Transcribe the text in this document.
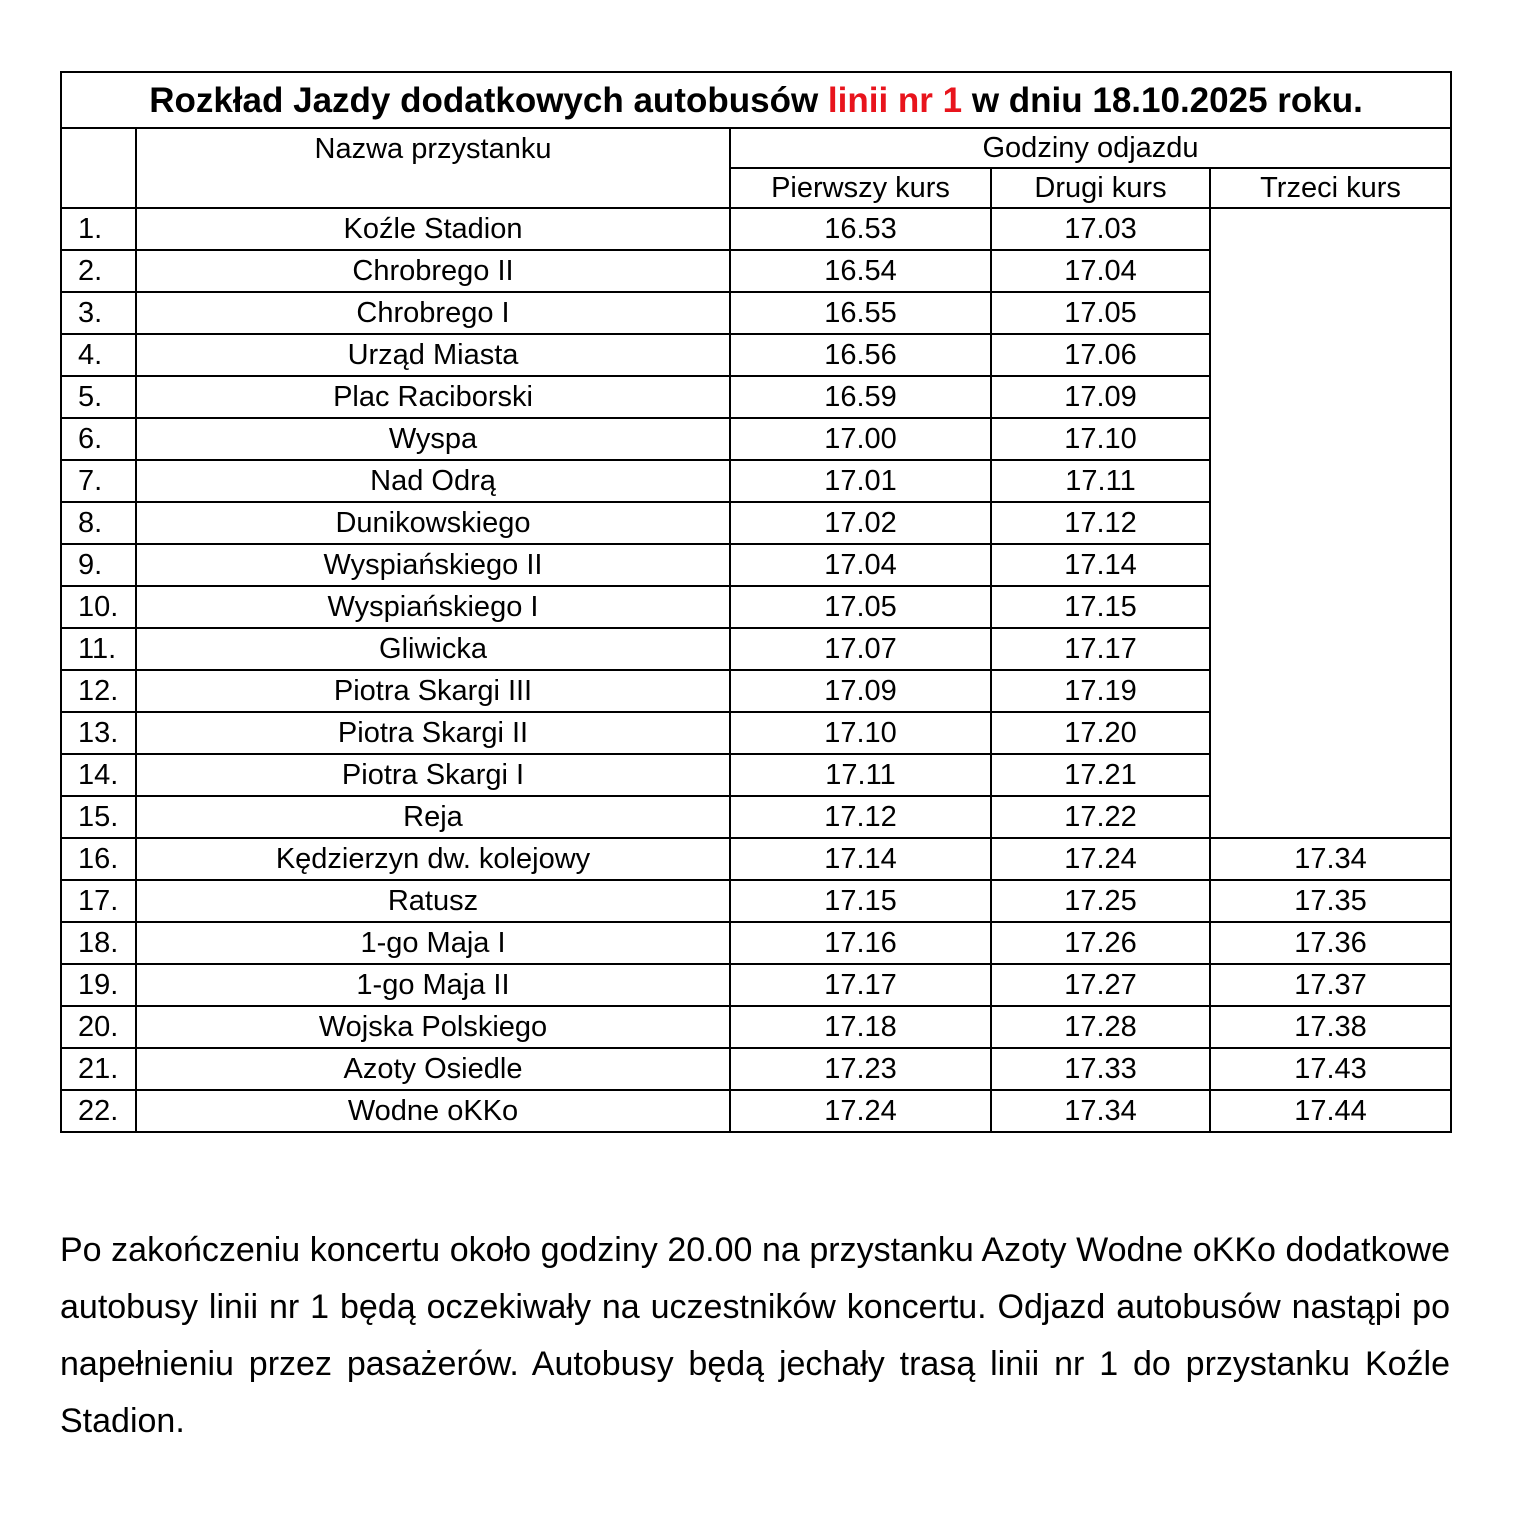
Rozkład Jazdy dodatkowych autobusów linii nr 1 w dniu 18.10.2025 roku.				
	Nazwa przystanku	Godziny odjazdu		
		Pierwszy kurs	Drugi kurs	Trzeci kurs
1.	Koźle Stadion	16.53	17.03	
2.	Chrobrego II	16.54	17.04	
3.	Chrobrego I	16.55	17.05	
4.	Urząd Miasta	16.56	17.06	
5.	Plac Raciborski	16.59	17.09	
6.	Wyspa	17.00	17.10	
7.	Nad Odrą	17.01	17.11	
8.	Dunikowskiego	17.02	17.12	
9.	Wyspiańskiego II	17.04	17.14	
10.	Wyspiańskiego I	17.05	17.15	
11.	Gliwicka	17.07	17.17	
12.	Piotra Skargi III	17.09	17.19	
13.	Piotra Skargi II	17.10	17.20	
14.	Piotra Skargi I	17.11	17.21	
15.	Reja	17.12	17.22	
16.	Kędzierzyn dw. kolejowy	17.14	17.24	17.34
17.	Ratusz	17.15	17.25	17.35
18.	1-go Maja I	17.16	17.26	17.36
19.	1-go Maja II	17.17	17.27	17.37
20.	Wojska Polskiego	17.18	17.28	17.38
21.	Azoty Osiedle	17.23	17.33	17.43
22.	Wodne oKKo	17.24	17.34	17.44

Po zakończeniu koncertu około godziny 20.00 na przystanku Azoty Wodne oKKo dodatkowe autobusy linii nr 1 będą oczekiwały na uczestników koncertu. Odjazd autobusów nastąpi po napełnieniu przez pasażerów. Autobusy będą jechały trasą linii nr 1 do przystanku Koźle Stadion.
